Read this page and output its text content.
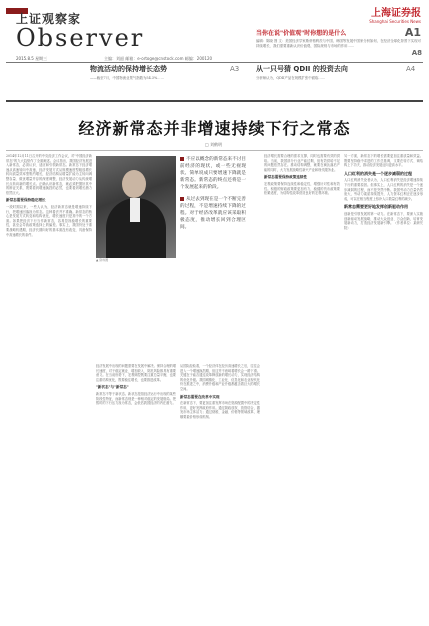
上证观察家
Observer
2015.8.5 星期三	主编：刘韶 邮箱：e-ortoge@cnstock.com 邮编：200120
上海证券报
Shanghai Securities News
A1
当你在说"价值观"时你想的是什么
编辑：陈晓 图 文：美国经济学家斯蒂格利茨与中国、韩国等发展中国家分析如何、在经济全球化背景下实现可持续增长，我们需要重新认识价值观、国际规则与市场的作用……
A8
物流活动的保持增长态势
——截至7月，中国物流业景气指数为54.3%……
A3 从一只号猜 QDII 的投资去向
分析师认为，QDII产品在规模扩张中面临……
A4
经济新常态并非增速持续下行之常态
□ 刘鹤明
2014年12月11日召开的中央经济工作会议，对"中国经济新常态"的九大趋势作了全面阐述。会议指出，我国经济发展进入新常态，必须认识、适应和引领新常态。新常态下经济增速从高速转向中高速，经济发展方式从规模速度型粗放增长转向质量效率型集约增长，经济结构从增量扩能为主转向调整存量、做优增量并存的深度调整，经济发展动力从传统增长点转向新的增长点。正确认识新常态，就必须把握好其中的辩证关系，既要看到增速换挡的必然，也要看到增长潜力依然巨大。
新常态需要保持稳定增长
一段时期以来，一些人认为，经济新常态就是增速持续下行，把增速回落视为常态。这种看法并不准确。新常态的核心是发展方式转变和结构优化，增长速度只是其中的一个方面。如果把经济下行当作新常态，容易忽视稳增长的重要性，甚至会导致政策选择上的偏差。事实上，我国仍处于重要战略机遇期，经济长期向好的基本面没有改变，具备保持中高速增长的条件。
▲ 资料图
不应以概念的新常态来不讨目前经济的现状，或一些无视现状、简单说成只要增速下降就是新常态。新常态的终点还将是一个发展起来的阶段。
从过去到现在是一个不断完善的过程，不是增速持续下降的过程。对于经济改革就应该采取积极态度，推动增长回到合理区间。
经济发展中出现的问题需要在发展中解决。保持合理的增长速度，对于稳定就业、增加收入、防范风险都具有重要意义。在当前形势下，宏观调控既要注重总量平衡，也要注重结构优化，既要稳住增长，也要推进改革。
"新状态"与"新常态"
新常态不等于新状态。新状态是指经济运行中出现的某些阶段性特征，而新常态则是一种相对稳定的发展格局。把暂时的下行压力视为常态，会低估我国经济的内在潜力。
从国际经验看，一个经济体在经历高速增长之后，往往会进入一个增速换挡期，但这并不意味着增长会一路下滑。关键在于能否通过改革释放新的增长动力，实现经济结构的优化升级。我国城镇化、工业化、信息化和农业现代化仍在推进之中，消费升级和产业升级都蕴含着巨大的增长空间。
新常态需要在改革中实现
在新常态下，要更加注重发挥市场在资源配置中的决定性作用，更好发挥政府作用。通过简政放权、放管结合，激发市场主体活力；通过财税、金融、价格等领域改革，理顺要素价格形成机制。
经济增长需要合理的需求支撑，同时也需要有效的供给。当前，我国部分行业产能过剩，但有效供给不足的问题依然存在。推动结构调整，就要在淘汰落后产能的同时，大力发展战略性新兴产业和现代服务业。
新常态需要保持政策连续性
宏观政策要保持连续性和稳定性，增强针对性和有效性。积极的财政政策要更加有力，稳健的货币政策要松紧适度，为结构性改革营造良好的宏观环境。
另一方面，新常态下的增长需要更加注重质量和效益。既要坚持稳中求进的工作总基调，又要在转方式、调结构上下功夫，推动经济发展迈向更高水平。
人口红利的消失是一个逐步减弱的过程
人口红利消失论者认为，人口红利消失是经济增速持续下行的重要原因。但事实上，人口红利的消失是一个逐步减弱的过程，而不是突然中断。我国劳动力总量仍然庞大，劳动力素质持续提升，人力资本红利正在逐步形成，可以在相当程度上弥补人口数量红利的减少。
新常态需要更好地发挥创新驱动作用
创新是引领发展的第一动力。在新常态下，要深入实施创新驱动发展战略，推动大众创业、万众创新，培育发展新动力，打造经济发展新引擎。（作者单位：某研究院）
